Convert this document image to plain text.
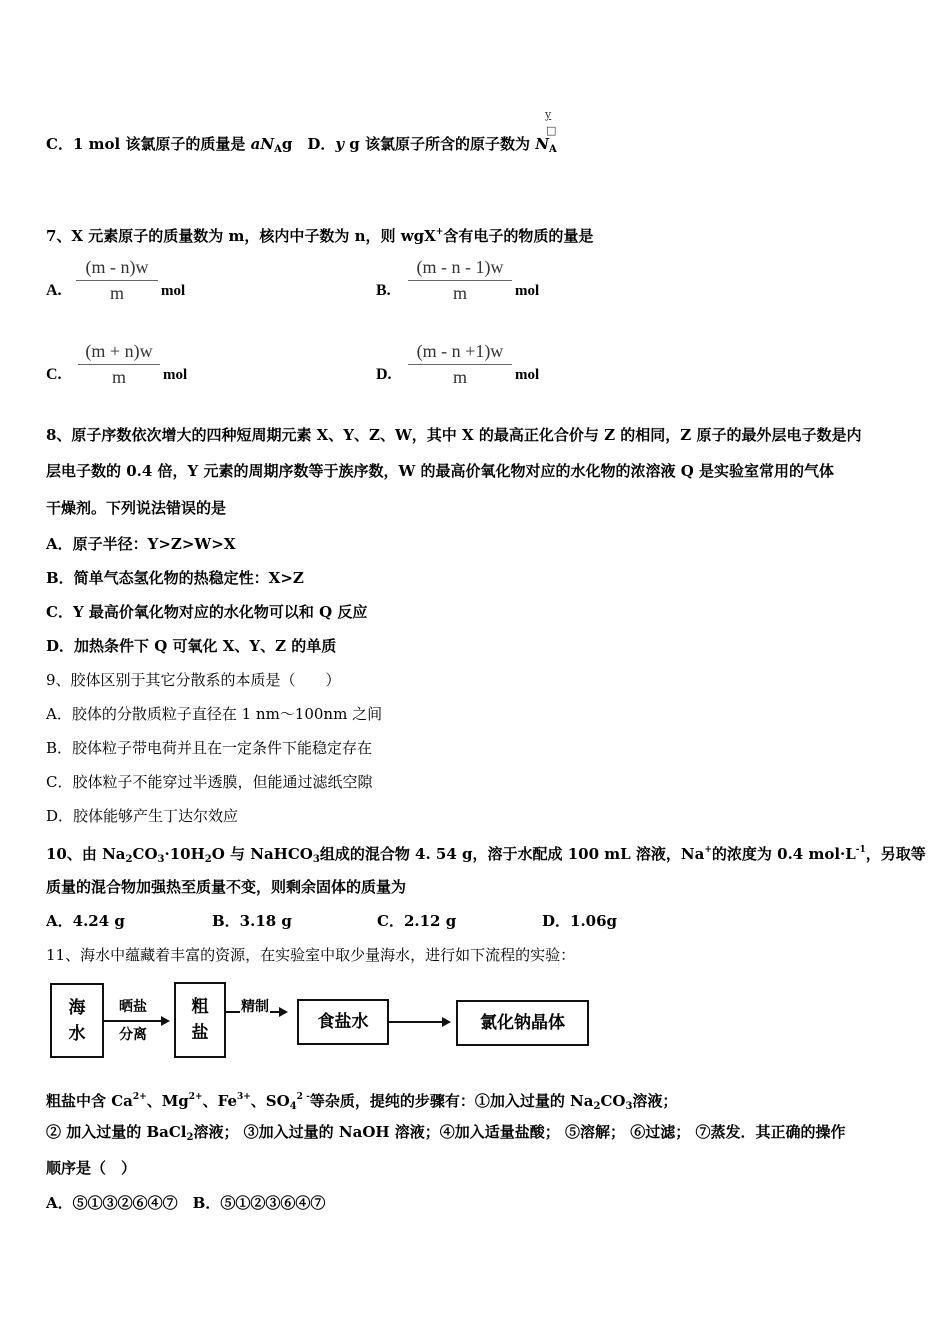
C．1 mol 该氯原子的质量是 $aN_Ag$　D．y g 该氯原子所含的原子数为 $N_A$
y
□
7、X 元素原子的质量数为 m，核内中子数为 n，则 wgX+含有电子的物质的量是
A. $\frac{(m - n)w}{m}$ mol	B. $\frac{(m - n - 1)w}{m}$ mol
C. $\frac{(m + n)w}{m}$ mol	D. $\frac{(m - n +1)w}{m}$ mol
8、原子序数依次增大的四种短周期元素 X、Y、Z、W，其中 X 的最高正化合价与 Z 的相同，Z 原子的最外层电子数是内
层电子数的 0.4 倍，Y 元素的周期序数等于族序数，W 的最高价氧化物对应的水化物的浓溶液 Q 是实验室常用的气体
干燥剂。下列说法错误的是
A．原子半径：Y>Z>W>X
B．简单气态氢化物的热稳定性：X>Z
C．Y 最高价氧化物对应的水化物可以和 Q 反应
D．加热条件下 Q 可氧化 X、Y、Z 的单质
9、胶体区别于其它分散系的本质是（　　）
A．胶体的分散质粒子直径在 1 nm～100nm 之间
B．胶体粒子带电荷并且在一定条件下能稳定存在
C．胶体粒子不能穿过半透膜，但能通过滤纸空隙
D．胶体能够产生丁达尔效应
10、由 $Na_2CO_3\cdot 10H_2O$ 与 NaHCO$_3$组成的混合物 4. 54 g，溶于水配成 100 mL 溶液，Na+的浓度为 0.4 $mol\cdot L^{-1}$，另取等
质量的混合物加强热至质量不变，则剩余固体的质量为
A．4.24 g	B．3.18 g	C．2.12 g	D．1.06g
11、海水中蕴藏着丰富的资源，在实验室中取少量海水，进行如下流程的实验：
海
水
晒盐
分离
粗
盐
精制
食盐水	氯化钠晶体
粗盐中含 $Ca^{2+}$、$Mg^{2+}$、$Fe^{3+}$、$SO_4^{2 -}$等杂质，提纯的步骤有：①加入过量的 $Na_2CO_3$溶液；
② 加入过量的 BaCl$_2$溶液； ③加入过量的 NaOH 溶液；④加入适量盐酸； ⑤溶解； ⑥过滤； ⑦蒸发．其正确的操作
顺序是（　）
A．⑤①③②⑥④⑦　B．⑤①②③⑥④⑦
